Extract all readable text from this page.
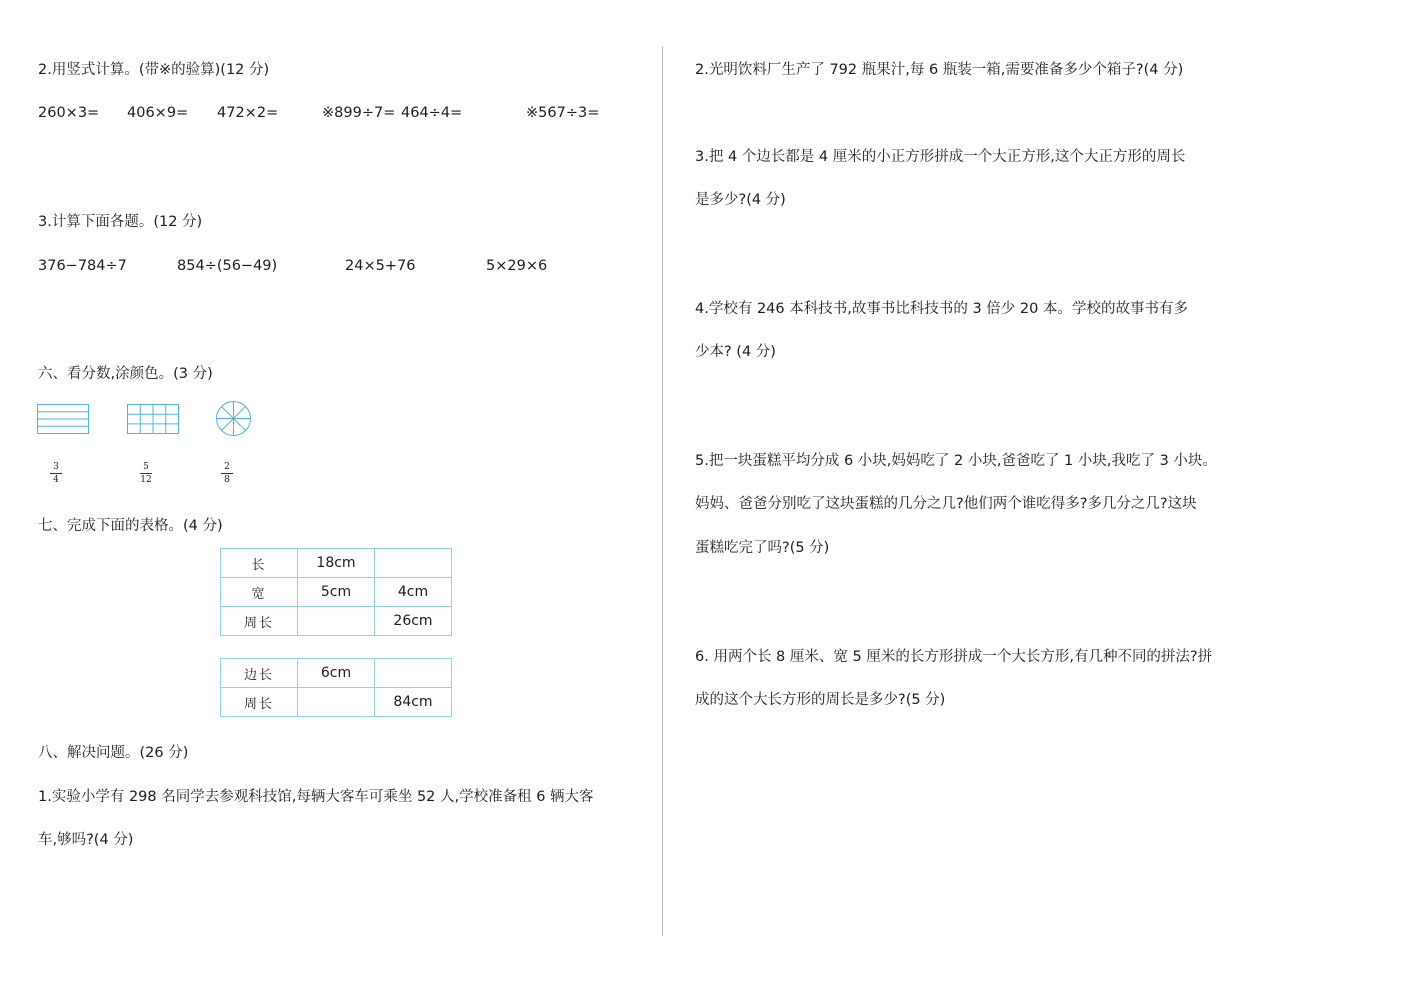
2.用竖式计算。(带※的验算)(12 分)
260×3= 406×9= 472×2=	※899÷7= 464÷4=	※567÷3=
3.计算下面各题。(12 分)
376−784÷7	854÷(56−49)	24×5+76	5×29×6
六、看分数,涂颜色。(3 分)
3
4
5
12
2
8
七、完成下面的表格。(4 分)
长	18cm	
宽	5cm	4cm
周长		26cm
边长	6cm	
周长		84cm
八、解决问题。(26 分)
1.实验小学有 298 名同学去参观科技馆,每辆大客车可乘坐 52 人,学校准备租 6 辆大客
车,够吗?(4 分)
2.光明饮料厂生产了 792 瓶果汁,每 6 瓶装一箱,需要准备多少个箱子?(4 分)
3.把 4 个边长都是 4 厘米的小正方形拼成一个大正方形,这个大正方形的周长
是多少?(4 分)
4.学校有 246 本科技书,故事书比科技书的 3 倍少 20 本。学校的故事书有多
少本? (4 分)
5.把一块蛋糕平均分成 6 小块,妈妈吃了 2 小块,爸爸吃了 1 小块,我吃了 3 小块。
妈妈、爸爸分别吃了这块蛋糕的几分之几?他们两个谁吃得多?多几分之几?这块
蛋糕吃完了吗?(5 分)
6. 用两个长 8 厘米、宽 5 厘米的长方形拼成一个大长方形,有几种不同的拼法?拼
成的这个大长方形的周长是多少?(5 分)
